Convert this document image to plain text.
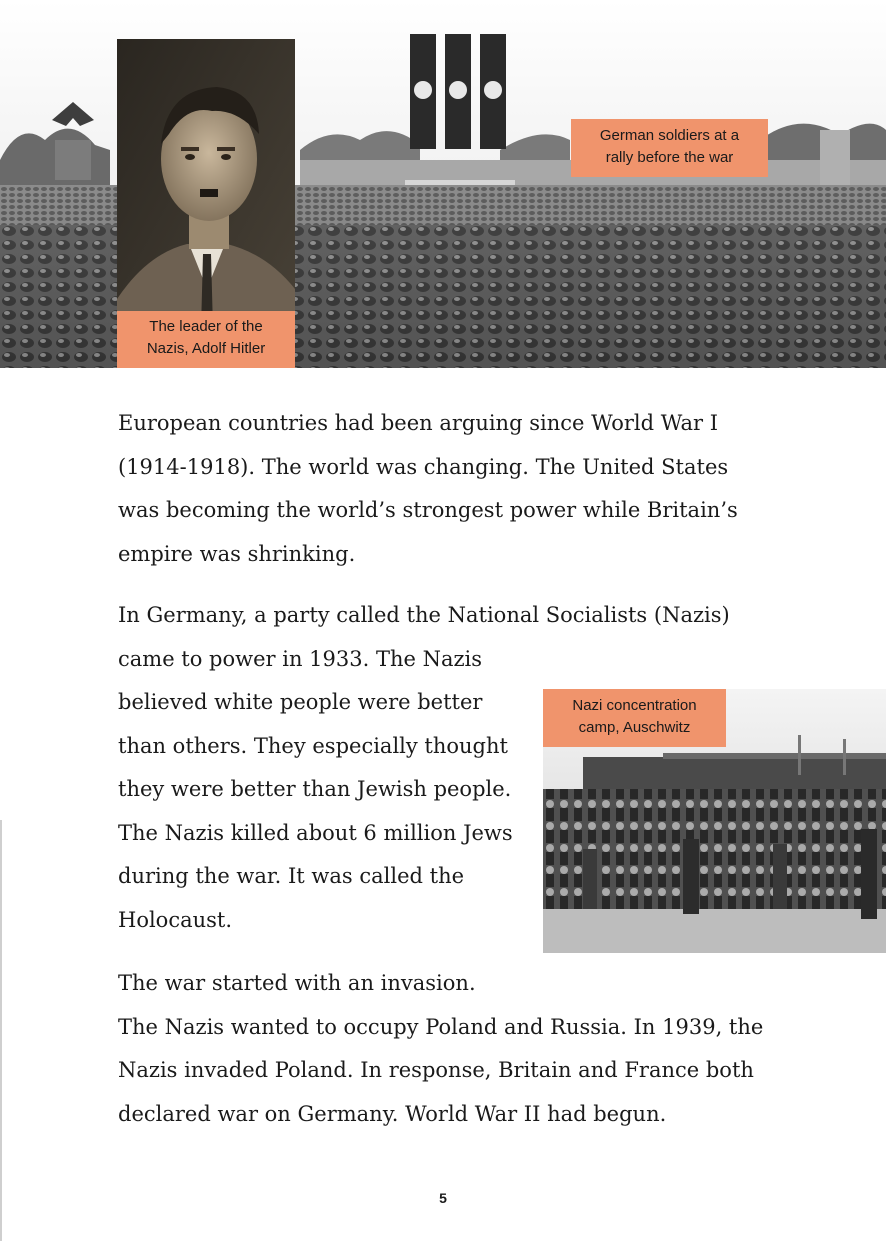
German soldiers at a
rally before the war
The leader of the
Nazis, Adolf Hitler

European countries had been arguing since World War I
(1914-1918). The world was changing. The United States
was becoming the world’s strongest power while Britain’s
empire was shrinking.

In Germany, a party called the National Socialists (Nazis)
came to power in 1933. The Nazis
believed white people were better
than others. They especially thought
they were better than Jewish people.
The Nazis killed about 6 million Jews
during the war. It was called the
Holocaust.

Nazi concentration
camp, Auschwitz

The war started with an invasion.
The Nazis wanted to occupy Poland and Russia. In 1939, the
Nazis invaded Poland. In response, Britain and France both
declared war on Germany. World War II had begun.

5
